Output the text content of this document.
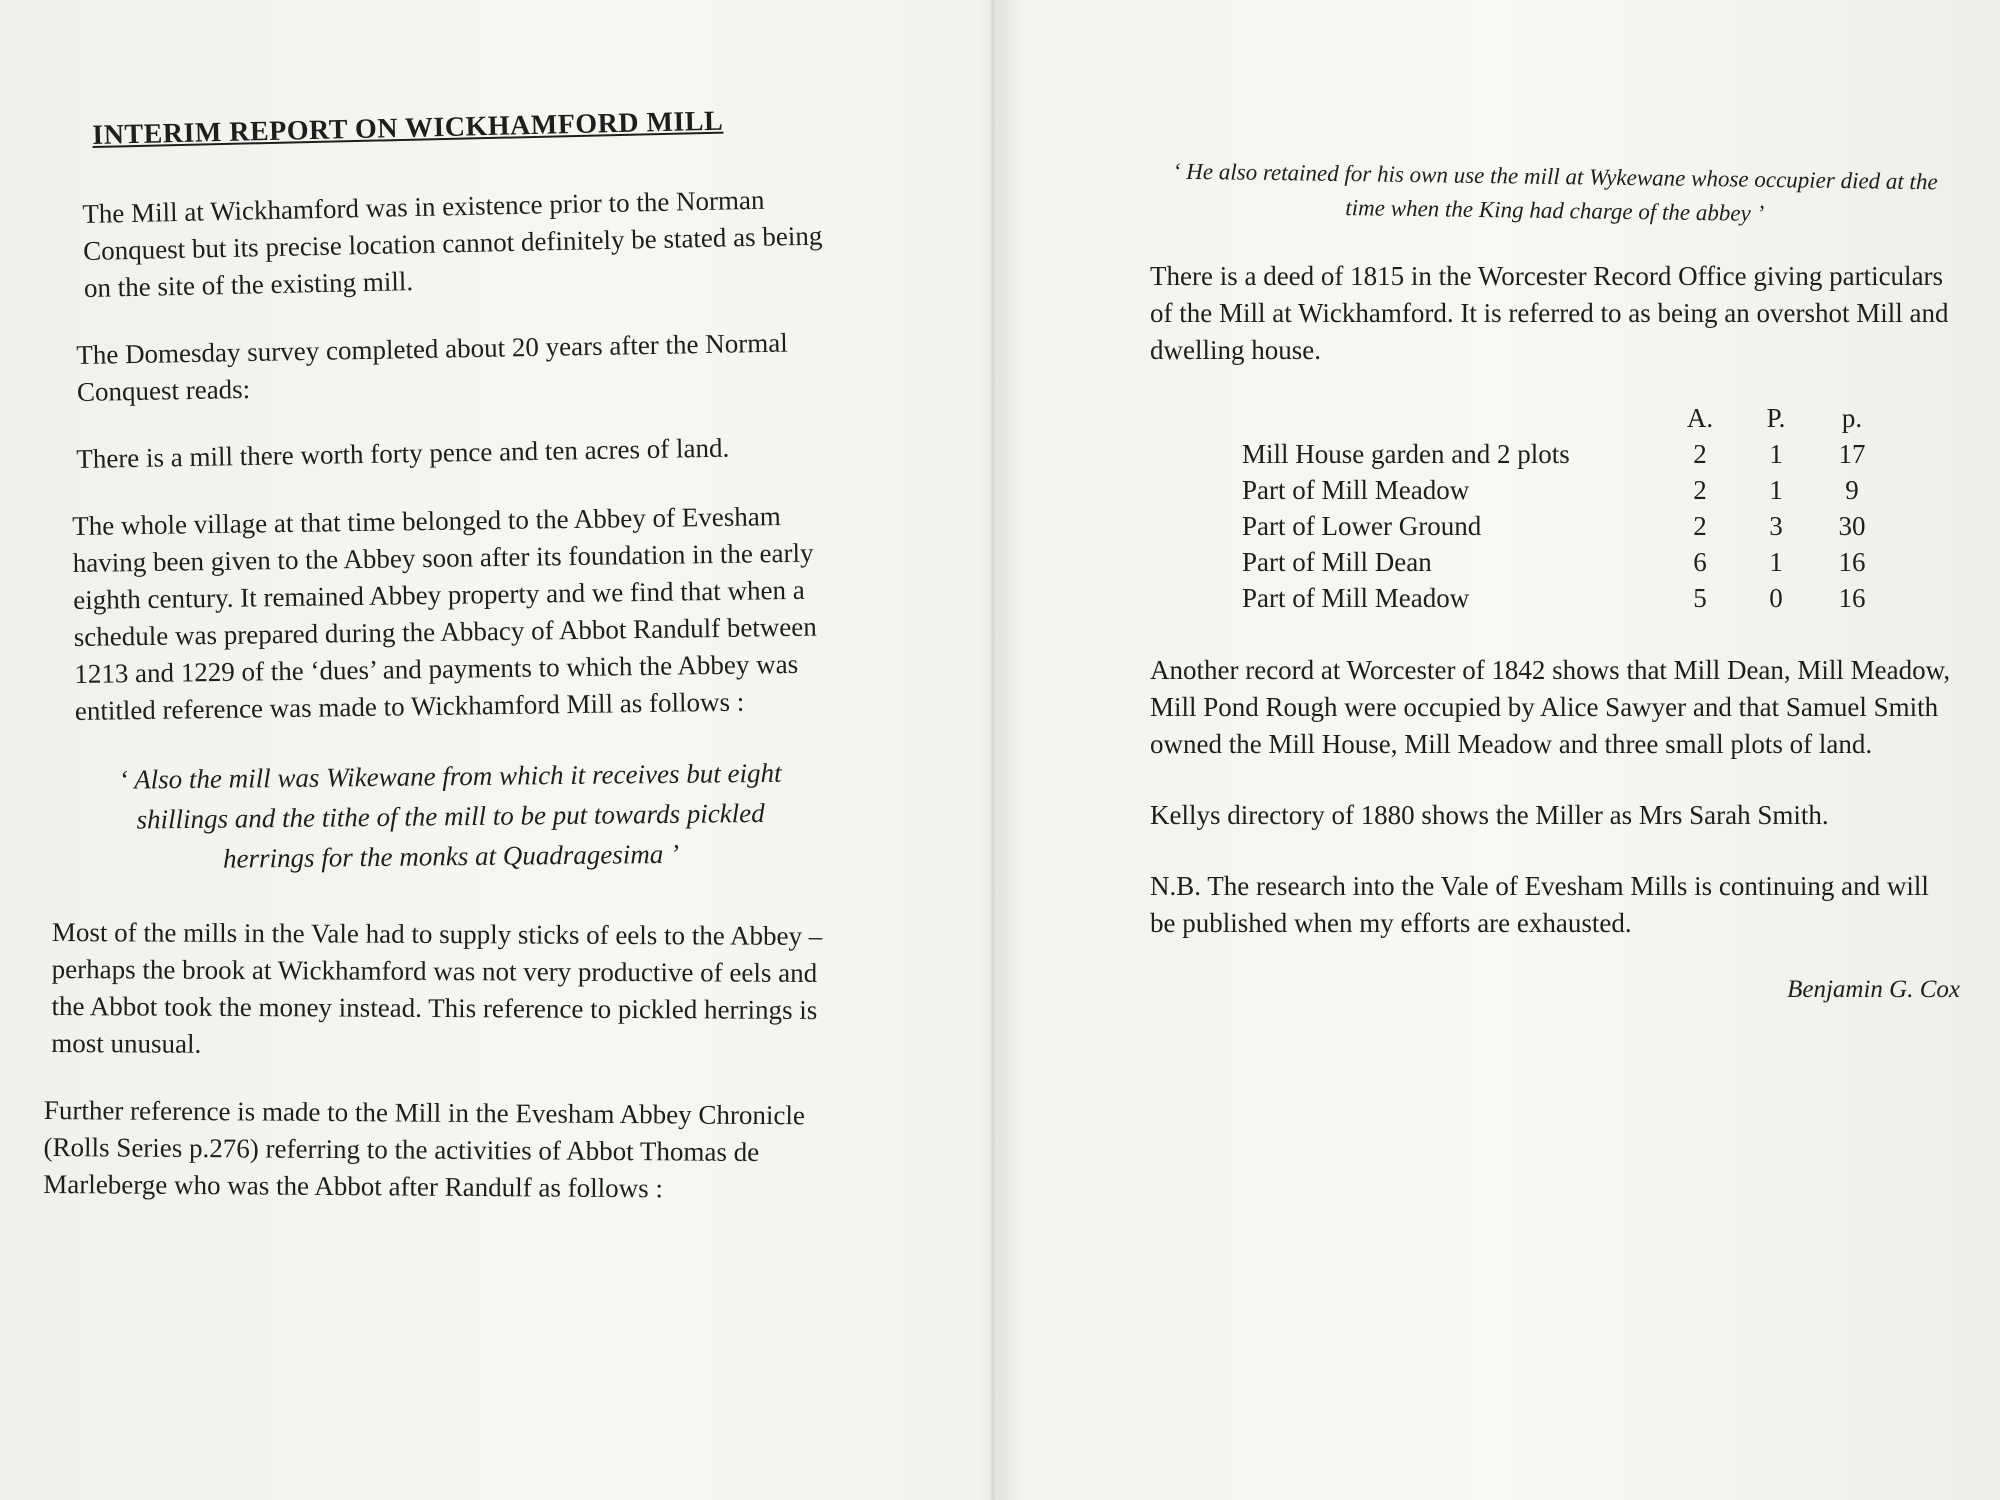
INTERIM REPORT ON WICKHAMFORD MILL

The Mill at Wickhamford was in existence prior to the Norman Conquest but its precise location cannot definitely be stated as being on the site of the existing mill.

The Domesday survey completed about 20 years after the Normal Conquest reads:

There is a mill there worth forty pence and ten acres of land.

The whole village at that time belonged to the Abbey of Evesham having been given to the Abbey soon after its foundation in the early eighth century. It remained Abbey property and we find that when a schedule was prepared during the Abbacy of Abbot Randulf between 1213 and 1229 of the ‘dues’ and payments to which the Abbey was entitled reference was made to Wickhamford Mill as follows :

‘ Also the mill was Wikewane from which it receives but eight shillings and the tithe of the mill to be put towards pickled herrings for the monks at Quadragesima ’

Most of the mills in the Vale had to supply sticks of eels to the Abbey – perhaps the brook at Wickhamford was not very productive of eels and the Abbot took the money instead. This reference to pickled herrings is most unusual.

Further reference is made to the Mill in the Evesham Abbey Chronicle (Rolls Series p.276) referring to the activities of Abbot Thomas de Marleberge who was the Abbot after Randulf as follows :

‘ He also retained for his own use the mill at Wykewane whose occupier died at the time when the King had charge of the abbey ’

There is a deed of 1815 in the Worcester Record Office giving particulars of the Mill at Wickhamford. It is referred to as being an overshot Mill and dwelling house.

	A.	P.	p.
Mill House garden and 2 plots	2	1	17
Part of Mill Meadow	2	1	9
Part of Lower Ground	2	3	30
Part of Mill Dean	6	1	16
Part of Mill Meadow	5	0	16

Another record at Worcester of 1842 shows that Mill Dean, Mill Meadow, Mill Pond Rough were occupied by Alice Sawyer and that Samuel Smith owned the Mill House, Mill Meadow and three small plots of land.

Kellys directory of 1880 shows the Miller as Mrs Sarah Smith.

N.B. The research into the Vale of Evesham Mills is continuing and will be published when my efforts are exhausted.

Benjamin G. Cox
